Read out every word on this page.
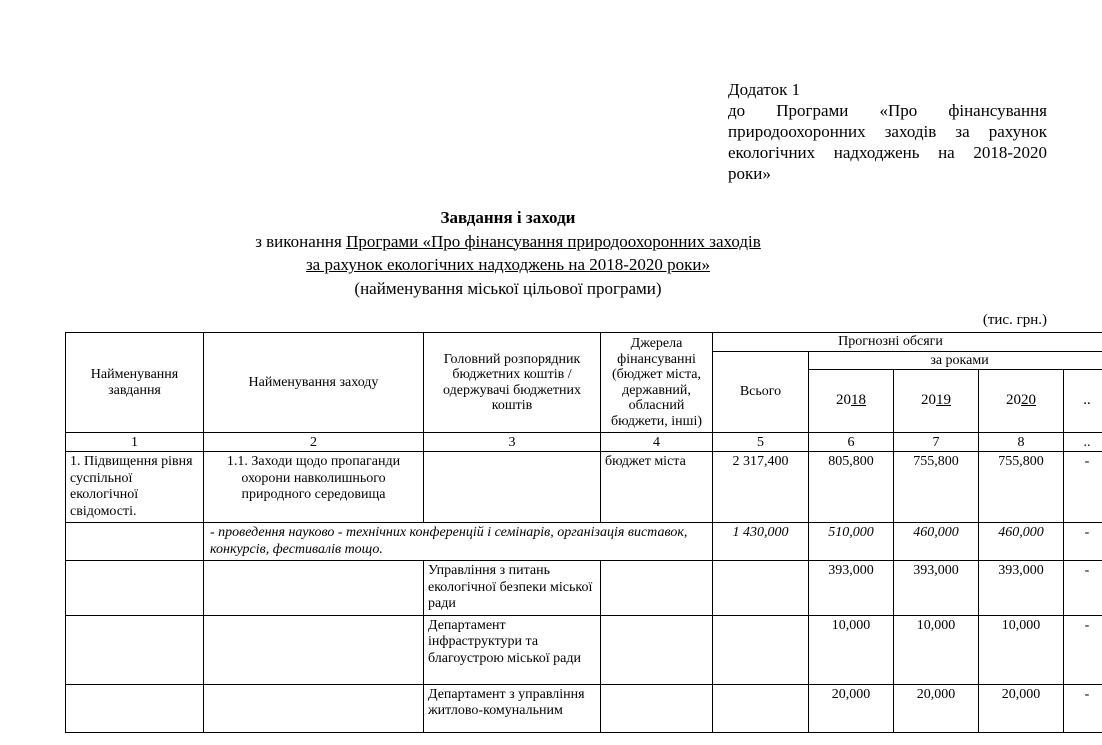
Додаток 1
до Програми «Про фінансування природоохоронних заходів за рахунок екологічних надходжень на 2018-2020 роки»
Завдання і заходи
з виконання Програми «Про фінансування природоохоронних заходів
за рахунок екологічних надходжень на 2018-2020 роки»
(найменування міської цільової програми)
(тис. грн.)
Найменування завдання	Найменування заходу	Головний розпорядник бюджетних коштів / одержувачі бюджетних коштів	Джерела фінансуванні (бюджет міста, державний, обласний бюджети, інші)	Прогнозні обсяги				
				Всього	за роками			
					2018	2019	2020	..
1	2	3	4	5	6	7	8	..
1. Підвищення рівня суспільної екологічної свідомості.	1.1. Заходи щодо пропаганди охорони навколишнього природного середовища		бюджет міста	2 317,400	805,800	755,800	755,800	-
	- проведення науково - технічних конференцій і семінарів, організація виставок, конкурсів, фестивалів тощо.			1 430,000	510,000	460,000	460,000	-
		Управління з питань екологічної безпеки міської ради			393,000	393,000	393,000	-
		Департамент інфраструктури та благоустрою міської ради			10,000	10,000	10,000	-
		Департамент з управління житлово-комунальним			20,000	20,000	20,000	-
